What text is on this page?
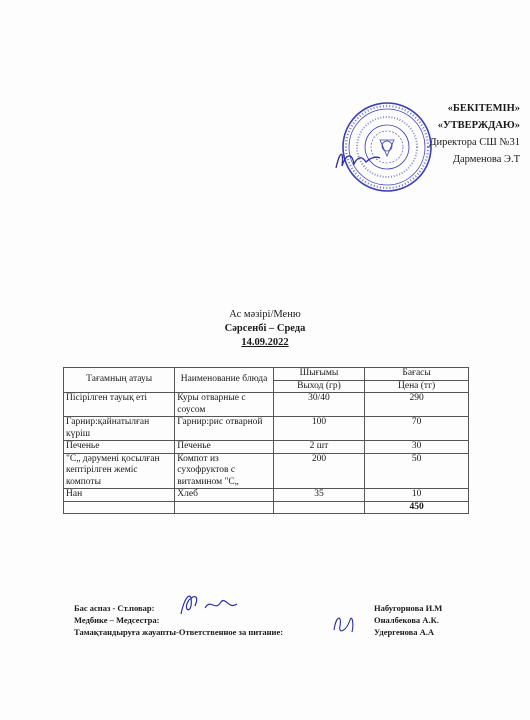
«БЕКІТЕМІН»
«УТВЕРЖДАЮ»
Директора СШ №31
Дарменова Э.Т
Ас мәзірі/Меню
Сәрсенбі – Среда
14.09.2022
Тағамның атауы	Наименование блюда	Шығымы	Бағасы
		Выход (гр)	Цена (тг)
Пісірілген тауық еті	Куры отварные с соусом	30/40	290
Гарнир:қайнатылған күріш	Гарнир:рис отварной	100	70
Печенье	Печенье	2 шт	30
"С„ дәрумені қосылған кептірілген жеміс компоты	Компот из сухофруктов с витамином "С„	200	50
Нан	Хлеб	35	10
			450
Бас аспаз - Ст.повар:	Набугорнова И.М
Медбике – Медсестра:	Оналбекова А.К.
Тамақтандыруға жауапты-Ответственное за питание:	Удергенова А.А
